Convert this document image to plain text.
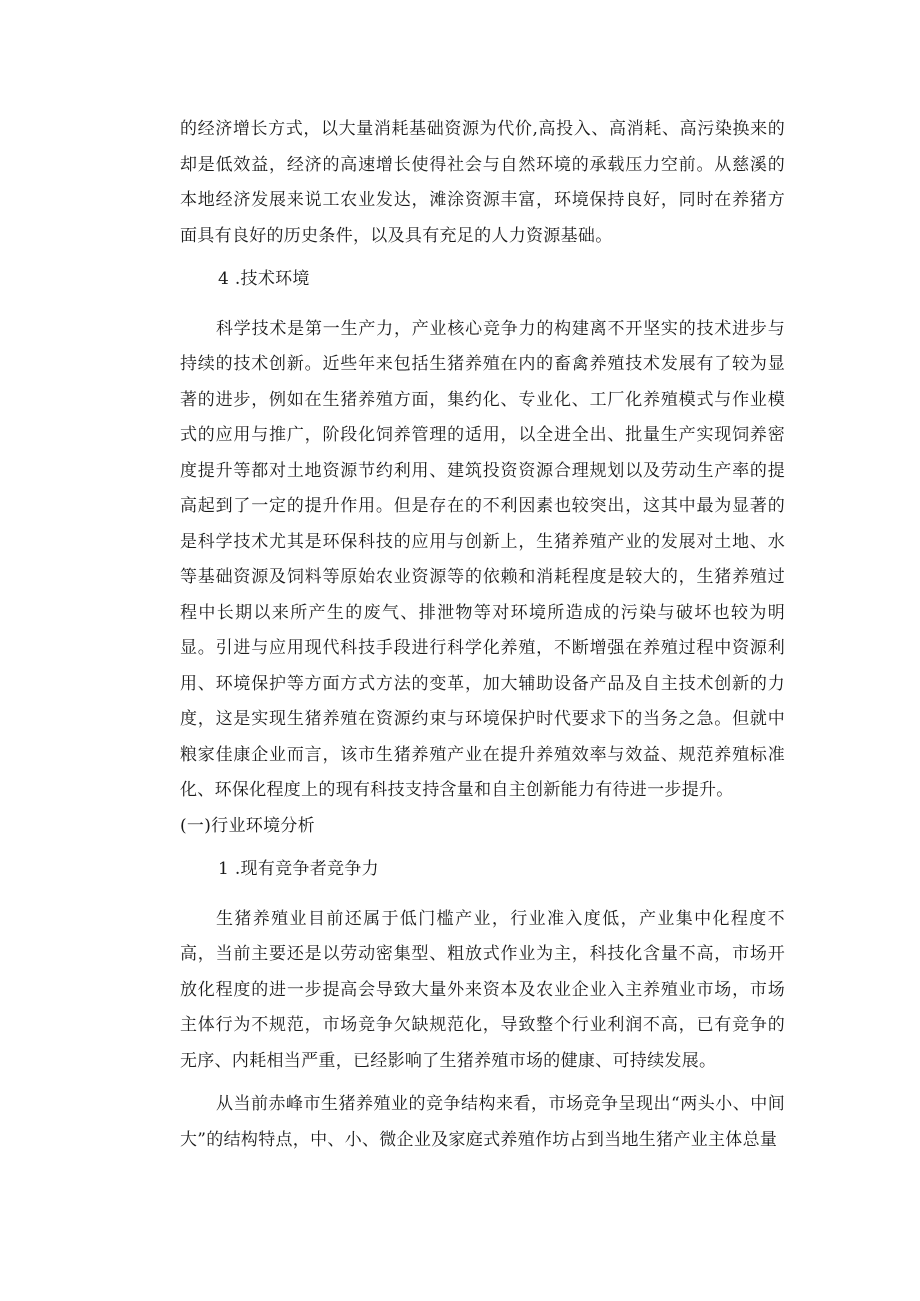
的经济增长方式，以大量消耗基础资源为代价,高投入、高消耗、高污染换来的却是低效益，经济的高速增长使得社会与自然环境的承载压力空前。从慈溪的本地经济发展来说工农业发达，滩涂资源丰富，环境保持良好，同时在养猪方面具有良好的历史条件，以及具有充足的人力资源基础。

4 .技术环境

科学技术是第一生产力，产业核心竞争力的构建离不开坚实的技术进步与持续的技术创新。近些年来包括生猪养殖在内的畜禽养殖技术发展有了较为显著的进步，例如在生猪养殖方面，集约化、专业化、工厂化养殖模式与作业模式的应用与推广，阶段化饲养管理的适用，以全进全出、批量生产实现饲养密度提升等都对土地资源节约利用、建筑投资资源合理规划以及劳动生产率的提高起到了一定的提升作用。但是存在的不利因素也较突出，这其中最为显著的是科学技术尤其是环保科技的应用与创新上，生猪养殖产业的发展对土地、水等基础资源及饲料等原始农业资源等的依赖和消耗程度是较大的，生猪养殖过程中长期以来所产生的废气、排泄物等对环境所造成的污染与破坏也较为明显。引进与应用现代科技手段进行科学化养殖，不断增强在养殖过程中资源利用、环境保护等方面方式方法的变革，加大辅助设备产品及自主技术创新的力度，这是实现生猪养殖在资源约束与环境保护时代要求下的当务之急。但就中粮家佳康企业而言，该市生猪养殖产业在提升养殖效率与效益、规范养殖标准化、环保化程度上的现有科技支持含量和自主创新能力有待进一步提升。

(一)行业环境分析

1 .现有竞争者竞争力

生猪养殖业目前还属于低门槛产业，行业准入度低，产业集中化程度不高，当前主要还是以劳动密集型、粗放式作业为主，科技化含量不高，市场开放化程度的进一步提高会导致大量外来资本及农业企业入主养殖业市场，市场主体行为不规范，市场竞争欠缺规范化，导致整个行业利润不高，已有竞争的无序、内耗相当严重，已经影响了生猪养殖市场的健康、可持续发展。

从当前赤峰市生猪养殖业的竞争结构来看，市场竞争呈现出“两头小、中间大”的结构特点，中、小、微企业及家庭式养殖作坊占到当地生猪产业主体总量
